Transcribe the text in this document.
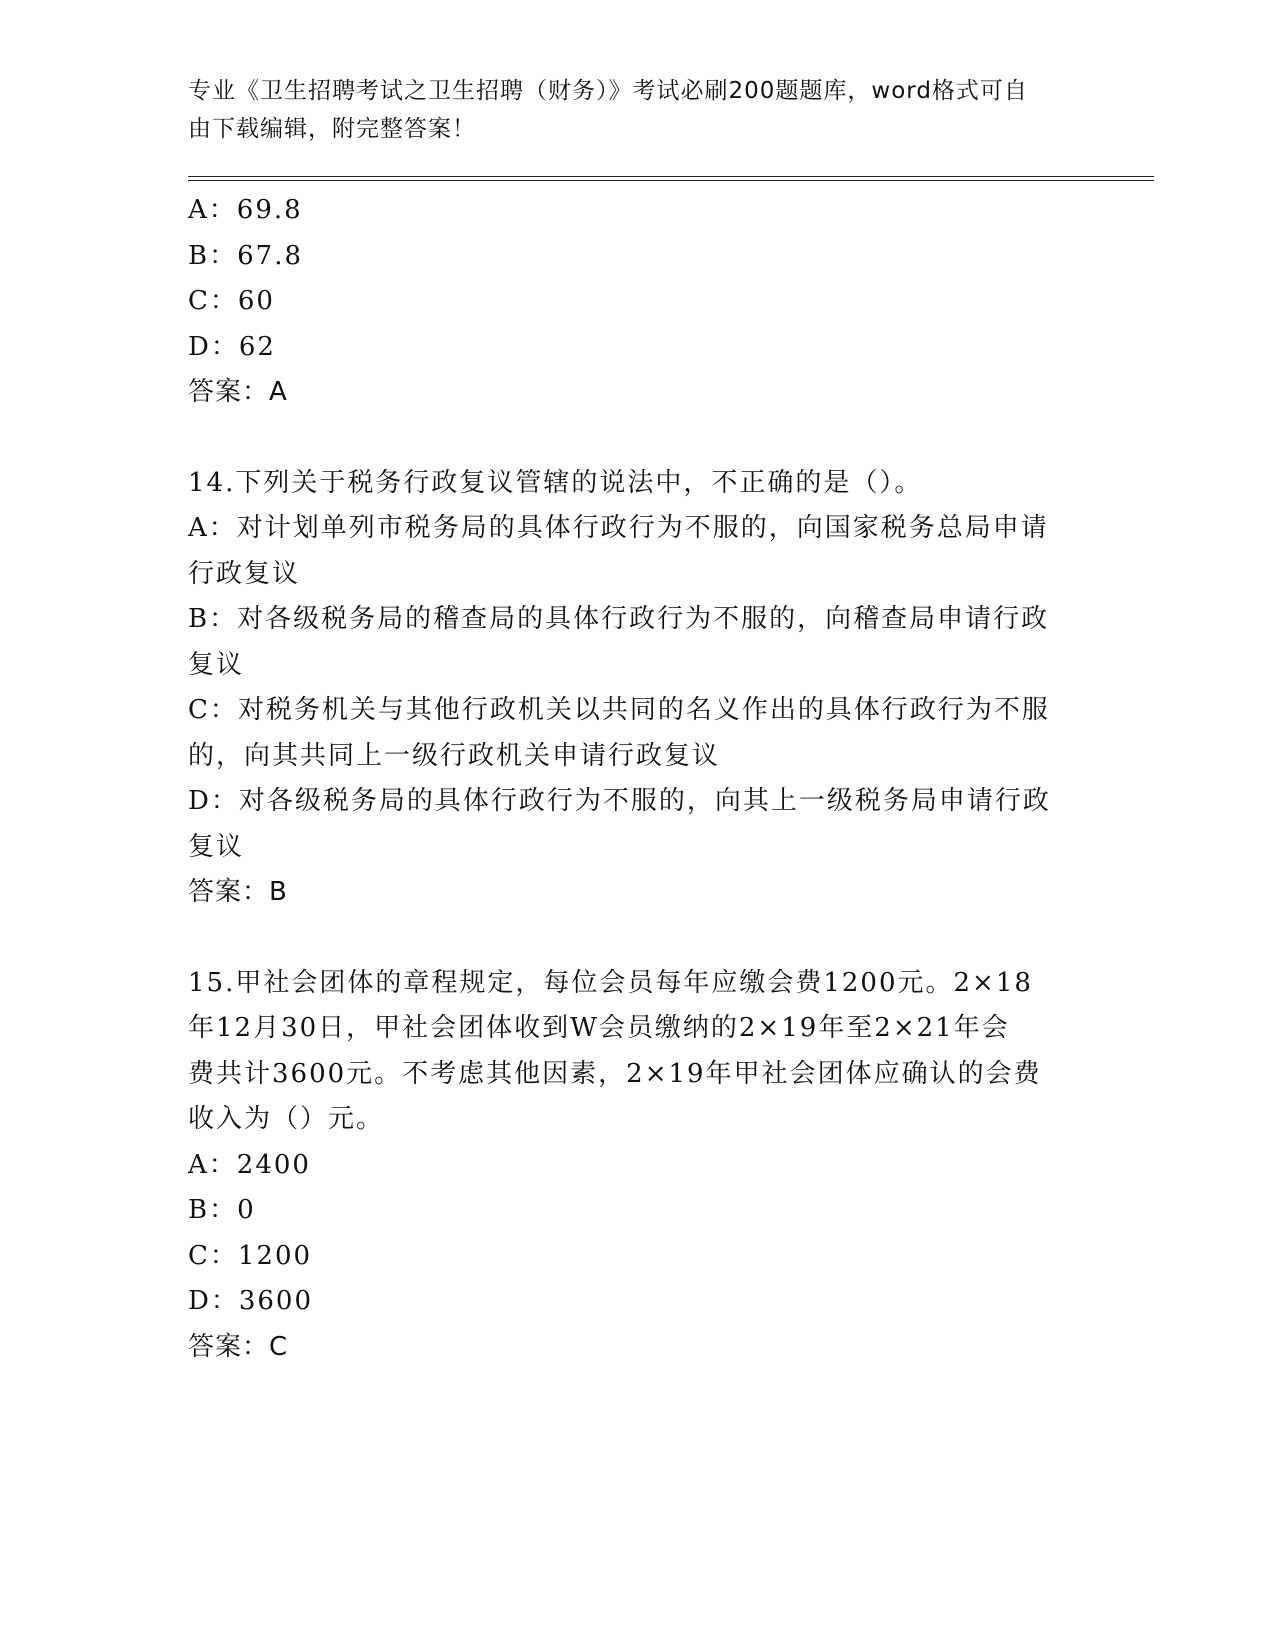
专业《卫生招聘考试之卫生招聘（财务）》考试必刷200题题库，word格式可自
由下载编辑，附完整答案！
A：69.8
B：67.8
C：60
D：62
答案：A
14.下列关于税务行政复议管辖的说法中，不正确的是（）。
A：对计划单列市税务局的具体行政行为不服的，向国家税务总局申请
行政复议
B：对各级税务局的稽查局的具体行政行为不服的，向稽查局申请行政
复议
C：对税务机关与其他行政机关以共同的名义作出的具体行政行为不服
的，向其共同上一级行政机关申请行政复议
D：对各级税务局的具体行政行为不服的，向其上一级税务局申请行政
复议
答案：B
15.甲社会团体的章程规定，每位会员每年应缴会费1200元。2×18
年12月30日，甲社会团体收到W会员缴纳的2×19年至2×21年会
费共计3600元。不考虑其他因素，2×19年甲社会团体应确认的会费
收入为（）元。
A：2400
B：0
C：1200
D：3600
答案：C
